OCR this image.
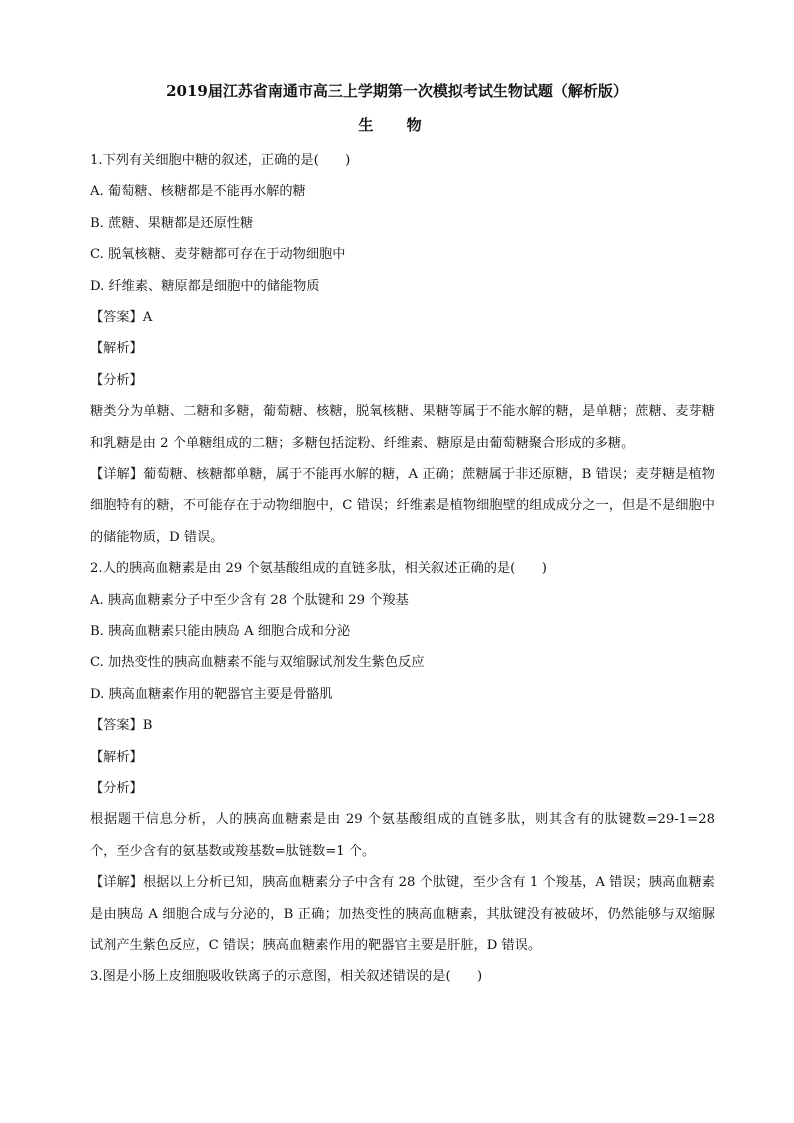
2019届江苏省南通市高三上学期第一次模拟考试生物试题（解析版）
生 物
1.下列有关细胞中糖的叙述，正确的是(　　)
A. 葡萄糖、核糖都是不能再水解的糖
B. 蔗糖、果糖都是还原性糖
C. 脱氧核糖、麦芽糖都可存在于动物细胞中
D. 纤维素、糖原都是细胞中的储能物质
【答案】A
【解析】
【分析】
糖类分为单糖、二糖和多糖，葡萄糖、核糖，脱氧核糖、果糖等属于不能水解的糖，是单糖；蔗糖、麦芽糖和乳糖是由 2 个单糖组成的二糖；多糖包括淀粉、纤维素、糖原是由葡萄糖聚合形成的多糖。
【详解】葡萄糖、核糖都单糖，属于不能再水解的糖，A 正确；蔗糖属于非还原糖，B 错误；麦芽糖是植物细胞特有的糖，不可能存在于动物细胞中，C 错误；纤维素是植物细胞壁的组成成分之一，但是不是细胞中的储能物质，D 错误。
2.人的胰高血糖素是由 29 个氨基酸组成的直链多肽，相关叙述正确的是(　　)
A. 胰高血糖素分子中至少含有 28 个肽键和 29 个羧基
B. 胰高血糖素只能由胰岛 A 细胞合成和分泌
C. 加热变性的胰高血糖素不能与双缩脲试剂发生紫色反应
D. 胰高血糖素作用的靶器官主要是骨骼肌
【答案】B
【解析】
【分析】
根据题干信息分析，人的胰高血糖素是由 29 个氨基酸组成的直链多肽，则其含有的肽键数=29-1=28 个，至少含有的氨基数或羧基数=肽链数=1 个。
【详解】根据以上分析已知，胰高血糖素分子中含有 28 个肽键，至少含有 1 个羧基，A 错误；胰高血糖素是由胰岛 A 细胞合成与分泌的，B 正确；加热变性的胰高血糖素，其肽键没有被破坏，仍然能够与双缩脲试剂产生紫色反应，C 错误；胰高血糖素作用的靶器官主要是肝脏，D 错误。
3.图是小肠上皮细胞吸收铁离子的示意图，相关叙述错误的是(　　)
